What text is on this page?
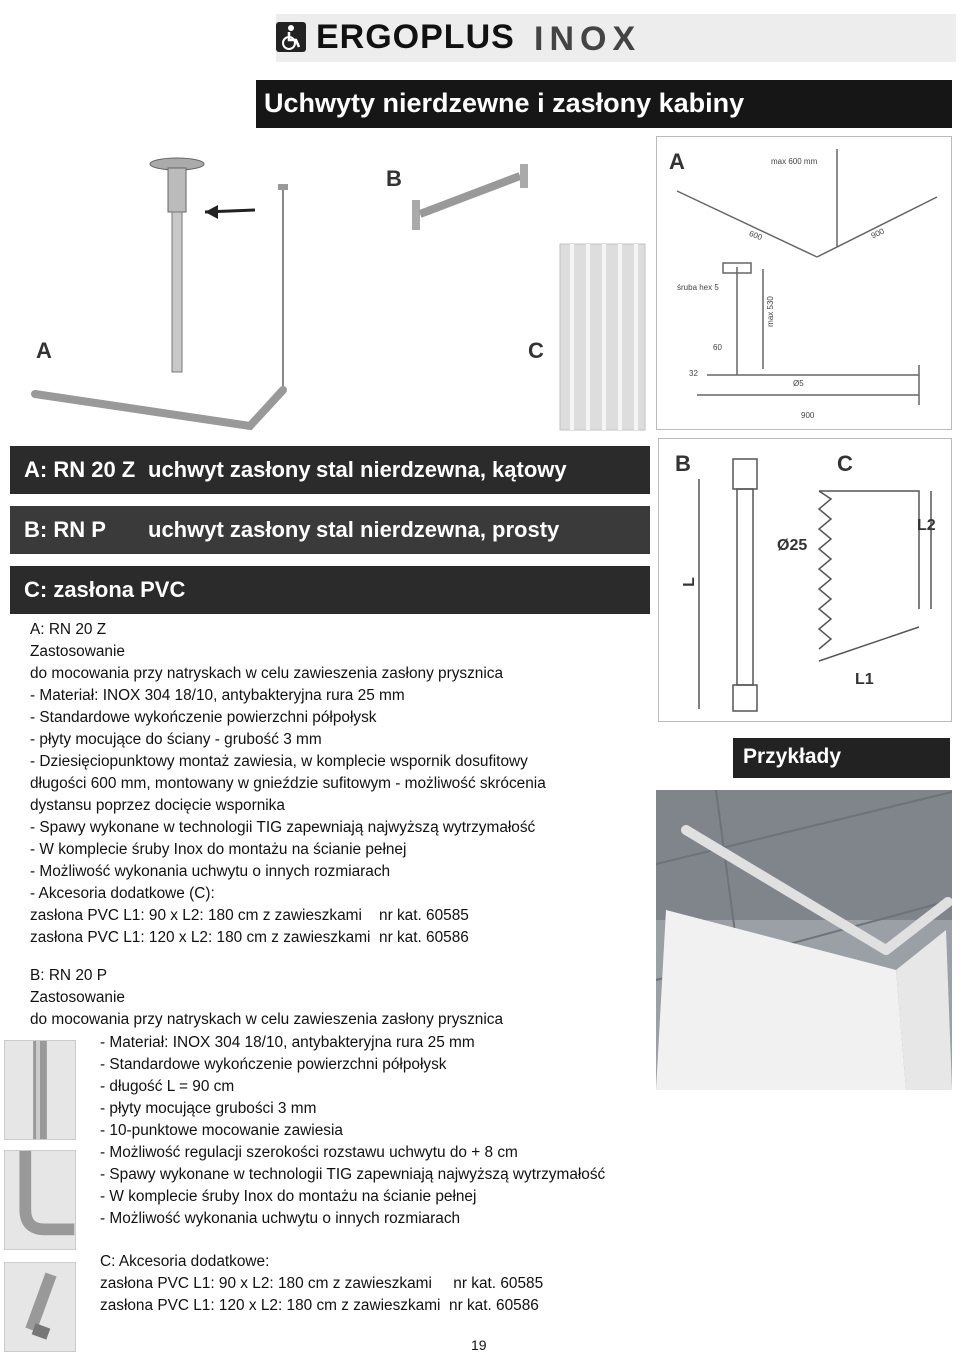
ERGOPLUS INOX
Uchwyty nierdzewne i zasłony kabiny
A
B
C
A	max 600 mm
600	900
śruba hex 5
max 530
900
32
60
Ø5
A: RN 20 Z uchwyt zasłony stal nierdzewna, kątowy
B: RN P uchwyt zasłony stal nierdzewna, prosty
C: zasłona PVC
B	C
Ø25
L
L1
L2
Przykłady
A: RN 20 Z
Zastosowanie
do mocowania przy natryskach w celu zawieszenia zasłony prysznica
- Materiał: INOX 304 18/10, antybakteryjna rura 25 mm
- Standardowe wykończenie powierzchni półpołysk
- płyty mocujące do ściany - grubość 3 mm
- Dziesięciopunktowy montaż zawiesia, w komplecie wspornik dosufitowy
długości 600 mm, montowany w gnieździe sufitowym - możliwość skrócenia
dystansu poprzez docięcie wspornika
- Spawy wykonane w technologii TIG zapewniają najwyższą wytrzymałość
- W komplecie śruby Inox do montażu na ścianie pełnej
- Możliwość wykonania uchwytu o innych rozmiarach
- Akcesoria dodatkowe (C):
zasłona PVC L1: 90 x L2: 180 cm z zawieszkami    nr kat. 60585
zasłona PVC L1: 120 x L2: 180 cm z zawieszkami  nr kat. 60586
B: RN 20 P
Zastosowanie
do mocowania przy natryskach w celu zawieszenia zasłony prysznica
- Materiał: INOX 304 18/10, antybakteryjna rura 25 mm
- Standardowe wykończenie powierzchni półpołysk
- długość L = 90 cm
- płyty mocujące grubości 3 mm
- 10-punktowe mocowanie zawiesia
- Możliwość regulacji szerokości rozstawu uchwytu do + 8 cm
- Spawy wykonane w technologii TIG zapewniają najwyższą wytrzymałość
- W komplecie śruby Inox do montażu na ścianie pełnej
- Możliwość wykonania uchwytu o innych rozmiarach
C: Akcesoria dodatkowe:
zasłona PVC L1: 90 x L2: 180 cm z zawieszkami     nr kat. 60585
zasłona PVC L1: 120 x L2: 180 cm z zawieszkami  nr kat. 60586
19
